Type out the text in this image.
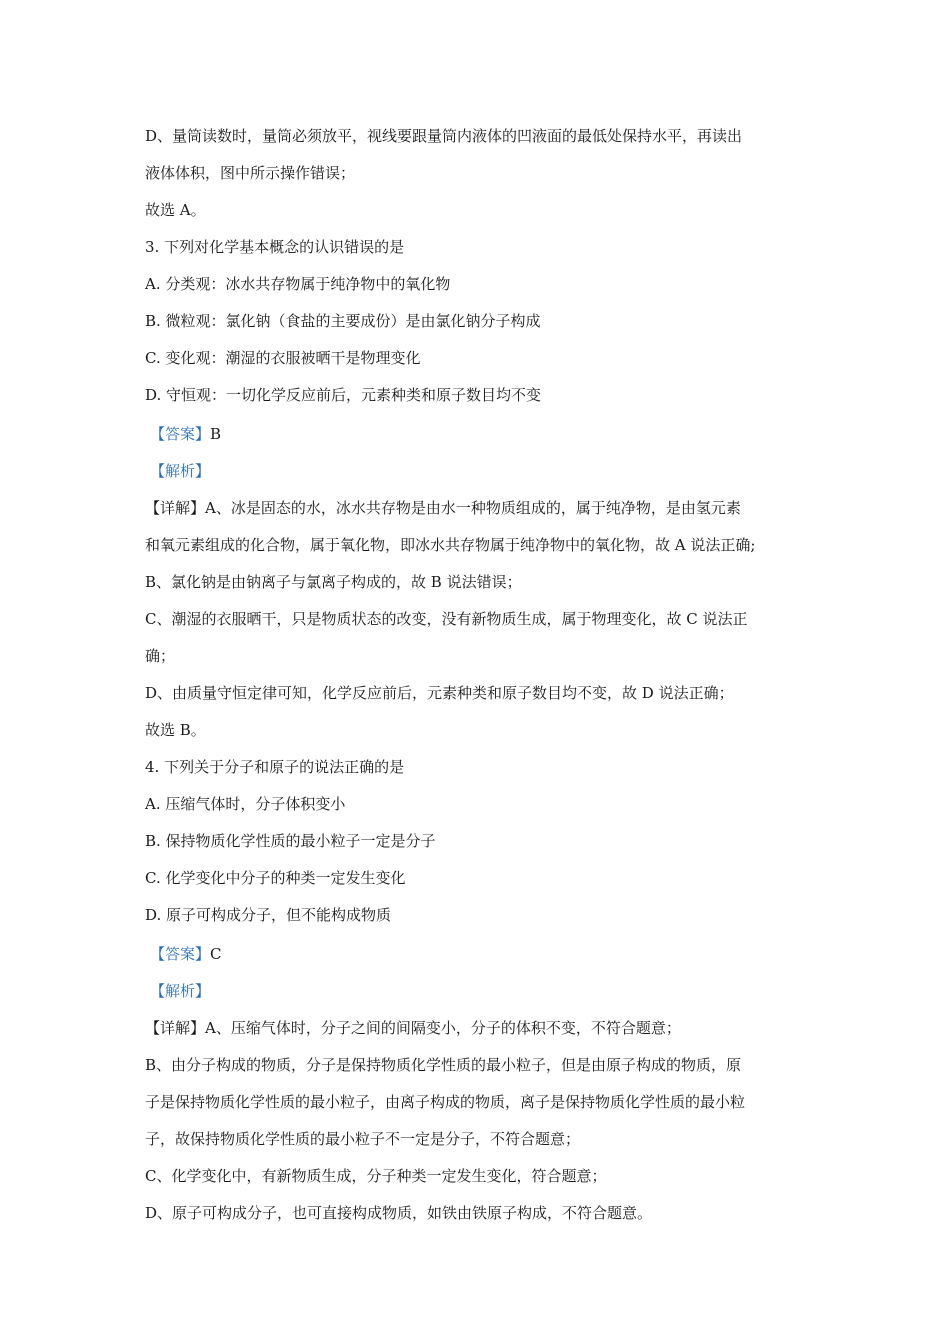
D、量筒读数时，量筒必须放平，视线要跟量筒内液体的凹液面的最低处保持水平，再读出
液体体积，图中所示操作错误；
故选 A。
3. 下列对化学基本概念的认识错误的是
A. 分类观：冰水共存物属于纯净物中的氧化物
B. 微粒观：氯化钠（食盐的主要成份）是由氯化钠分子构成
C. 变化观：潮湿的衣服被晒干是物理变化
D. 守恒观：一切化学反应前后，元素种类和原子数目均不变
【答案】B
【解析】
【详解】A、冰是固态的水，冰水共存物是由水一种物质组成的，属于纯净物，是由氢元素
和氧元素组成的化合物，属于氧化物，即冰水共存物属于纯净物中的氧化物，故 A 说法正确;
B、氯化钠是由钠离子与氯离子构成的，故 B 说法错误；
C、潮湿的衣服晒干，只是物质状态的改变，没有新物质生成，属于物理变化，故 C 说法正
确；
D、由质量守恒定律可知，化学反应前后，元素种类和原子数目均不变，故 D 说法正确；
故选 B。
4. 下列关于分子和原子的说法正确的是
A. 压缩气体时，分子体积变小
B. 保持物质化学性质的最小粒子一定是分子
C. 化学变化中分子的种类一定发生变化
D. 原子可构成分子，但不能构成物质
【答案】C
【解析】
【详解】A、压缩气体时，分子之间的间隔变小，分子的体积不变，不符合题意；
B、由分子构成的物质，分子是保持物质化学性质的最小粒子，但是由原子构成的物质，原
子是保持物质化学性质的最小粒子，由离子构成的物质，离子是保持物质化学性质的最小粒
子，故保持物质化学性质的最小粒子不一定是分子，不符合题意；
C、化学变化中，有新物质生成，分子种类一定发生变化，符合题意；
D、原子可构成分子，也可直接构成物质，如铁由铁原子构成，不符合题意。
